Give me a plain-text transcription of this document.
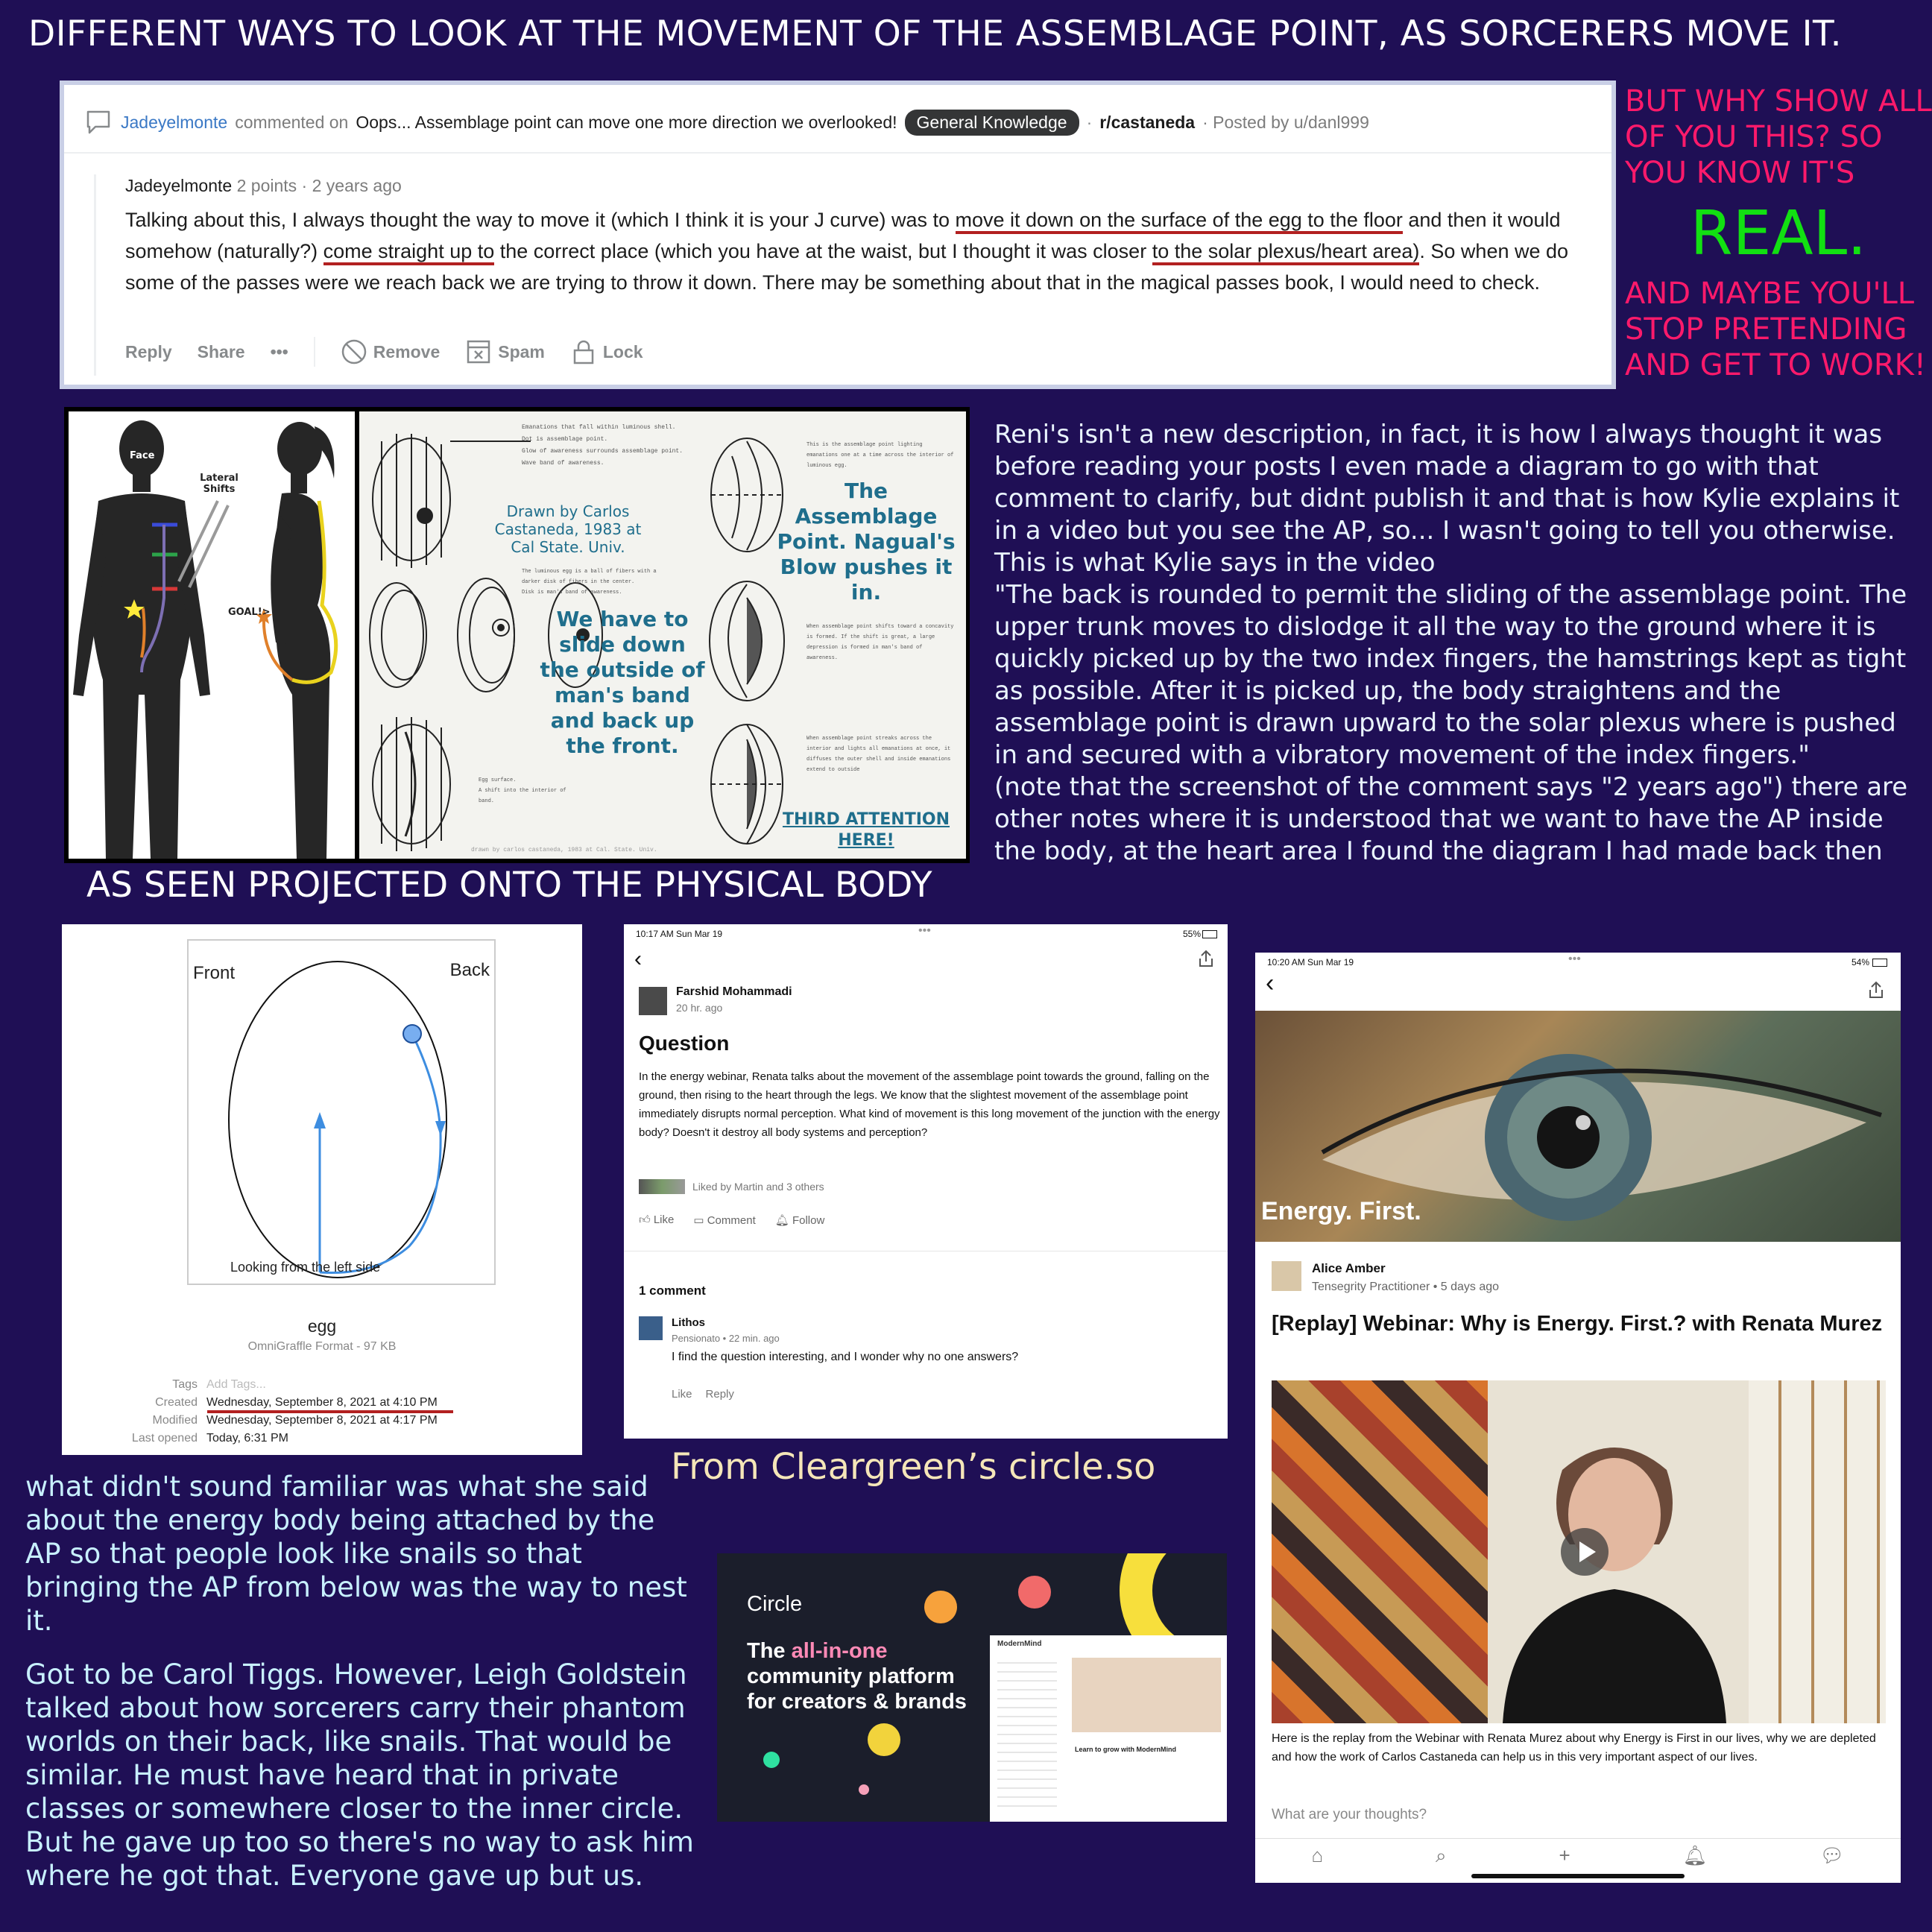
DIFFERENT WAYS TO LOOK AT THE MOVEMENT OF THE ASSEMBLAGE POINT, AS SORCERERS MOVE IT.
Jadeyelmonte commented on Oops... Assemblage point can move one more direction we overlooked!	General Knowledge	· r/castaneda · Posted by u/danl999
Jadeyelmonte 2 points · 2 years ago
Talking about this, I always thought the way to move it (which I think it is your J curve) was to move it down on the surface of the egg to the floor and then it would somehow (naturally?) come straight up to the correct place (which you have at the waist, but I thought it was closer to the solar plexus/heart area). So when we do some of the passes were we reach back we are trying to throw it down. There may be something about that in the magical passes book, I would need to check.
Reply Share •••	Remove	Spam	Lock
BUT WHY SHOW ALL OF YOU THIS? SO YOU KNOW IT'S
REAL.
AND MAYBE YOU'LL STOP PRETENDING AND GET TO WORK!
Face
Lateral Shifts
GOAL!>
Emanations that fall within luminous shell.
Dot is assemblage point.
Glow of awareness surrounds assemblage point.
Wave band of awareness.
Drawn by Carlos Castaneda, 1983 at Cal State. Univ.
The luminous egg is a ball of fibers with a darker disk of fibers in the center.
Disk is man's band of awareness.
We have to slide down the outside of man's band and back up the front.
Egg surface.
A shift into the interior of band.
This is the assemblage point lighting emanations one at a time across the interior of luminous egg.
The Assemblage Point. Nagual's Blow pushes it in.
When assemblage point shifts toward a concavity is formed. If the shift is great, a large depression is formed in man's band of awareness.
When assemblage point streaks across the interior and lights all emanations at once, it diffuses the outer shell and inside emanations extend to outside
THIRD ATTENTION HERE!
drawn by carlos castaneda, 1983 at Cal. State. Univ.
AS SEEN PROJECTED ONTO THE PHYSICAL BODY
Reni's isn't a new description, in fact, it is how I always thought it was before reading your posts I even made a diagram to go with that comment to clarify, but didnt publish it and that is how Kylie explains it in a video but you see the AP, so... I wasn't going to tell you otherwise. This is what Kylie says in the video
"The back is rounded to permit the sliding of the assemblage point. The upper trunk moves to dislodge it all the way to the ground where it is quickly picked up by the two index fingers, the hamstrings kept as tight as possible. After it is picked up, the body straightens and the assemblage point is drawn upward to the solar plexus where is pushed in and secured with a vibratory movement of the index fingers."
(note that the screenshot of the comment says "2 years ago") there are other notes where it is understood that we want to have the AP inside the body, at the heart area I found the diagram I had made back then
Front	Back
Looking from the left side
egg
OmniGraffle Format - 97 KB
Tags Add Tags...
Created Wednesday, September 8, 2021 at 4:10 PM
Modified Wednesday, September 8, 2021 at 4:17 PM
Last opened Today, 6:31 PM
10:17 AM Sun Mar 19	•••	55%
‹
Farshid Mohammadi
20 hr. ago
Question
In the energy webinar, Renata talks about the movement of the assemblage point towards the ground, falling on the ground, then rising to the heart through the legs. We know that the slightest movement of the assemblage point immediately disrupts normal perception. What kind of movement is this long movement of the junction with the energy body? Doesn't it destroy all body systems and perception?
Liked by Martin and 3 others
👍︎ Like ▭ Comment 🔔︎ Follow
1 comment
Lithos
Pensionato • 22 min. ago
I find the question interesting, and I wonder why no one answers?
Like Reply
From Cleargreen’s circle.so
10:20 AM Sun Mar 19	•••	54%
‹
Energy. First.
Alice Amber
Tensegrity Practitioner • 5 days ago
[Replay] Webinar: Why is Energy. First.? with Renata Murez
Here is the replay from the Webinar with Renata Murez about why Energy is First in our lives, why we are depleted and how the work of Carlos Castaneda can help us in this very important aspect of our lives.
What are your thoughts?
⌂	⌕	+	🔔︎	💬︎
what didn't sound familiar was what she said about the energy body being attached by the AP so that people look like snails so that bringing the AP from below was the way to nest it.
Got to be Carol Tiggs. However, Leigh Goldstein talked about how sorcerers carry their phantom worlds on their back, like snails. That would be similar. He must have heard that in private classes or somewhere closer to the inner circle. But he gave up too so there's no way to ask him where he got that. Everyone gave up but us.
Circle
The all-in-one community platform for creators & brands
ModernMind
Learn to grow with ModernMind
